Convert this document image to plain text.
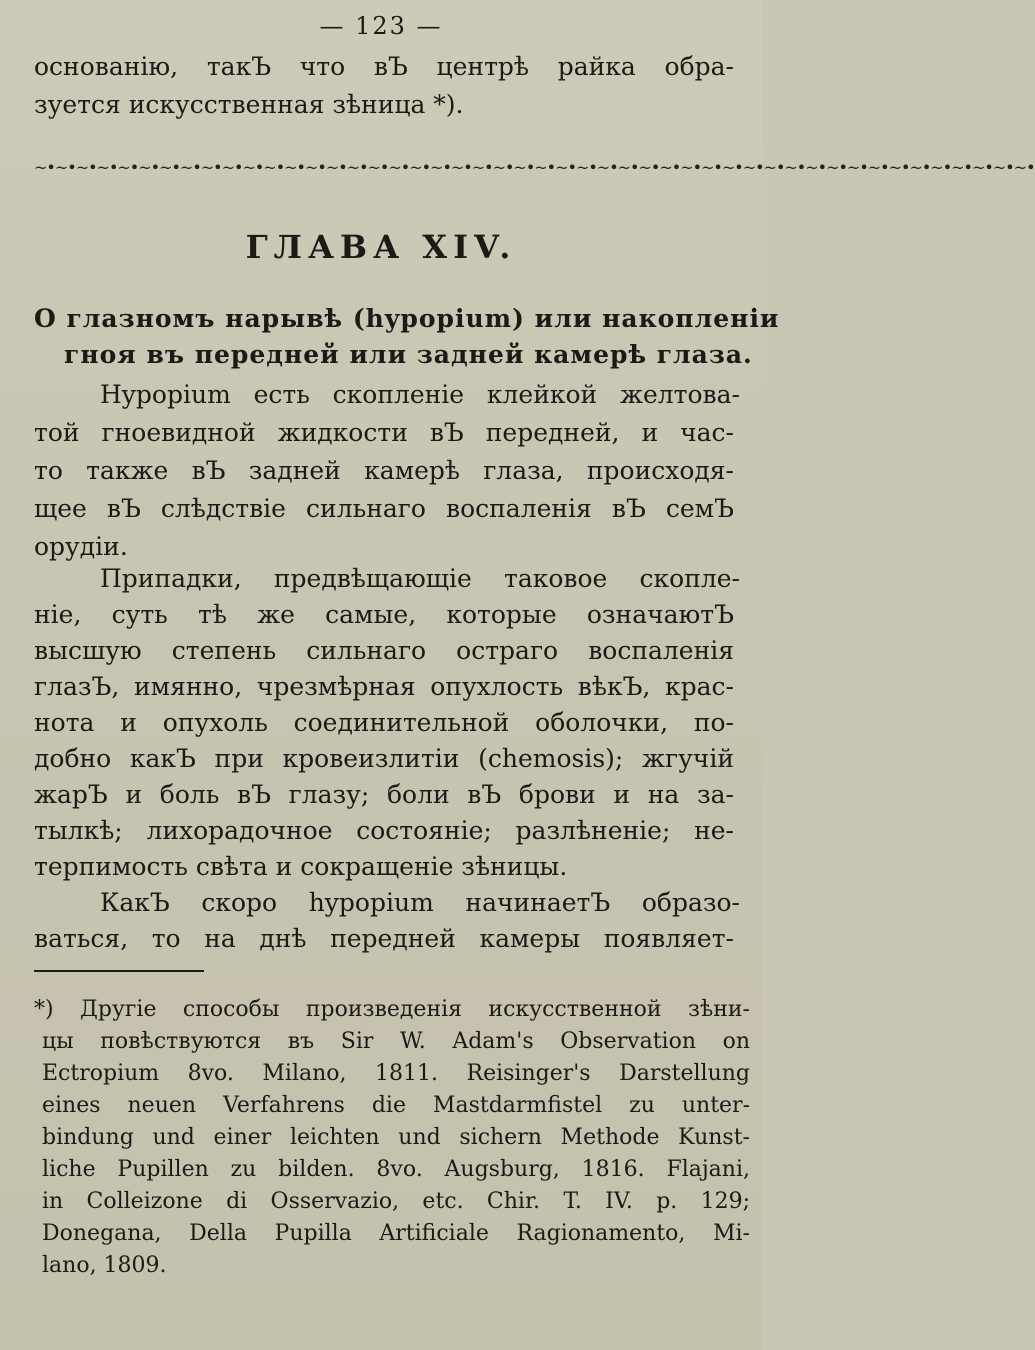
— 123 —
основанію, такЪ что вЪ центрѣ райка обра-
зуется искусственная зѣница *).
~•~•~•~•~•~•~•~•~•~•~•~•~•~•~•~•~•~•~•~•~•~•~•~•~•~•~•~•~•~•~•~•~•~•~•~•~•~•~•~•~•~•~•~•~•~•~•~•
ГЛАВА XIV.
О глазномъ нарывѣ (hypopium) или накопленіи
гноя въ передней или задней камерѣ глаза.
Hypopium есть скопленіе клейкой желтова-
той гноевидной жидкости вЪ передней, и час-
то также вЪ задней камерѣ глаза, происходя-
щее вЪ слѣдствіе сильнаго воспаленія вЪ семЪ
орудіи.
Припадки, предвѣщающіе таковое скопле-
ніе, суть тѣ же самые, которые означаютЪ
высшую степень сильнаго остраго воспаленія
глазЪ, имянно, чрезмѣрная опухлость вѣкЪ, крас-
нота и опухоль соединительной оболочки, по-
добно какЪ при кровеизлитіи (chemosis); жгучій
жарЪ и боль вЪ глазу; боли вЪ брови и на за-
тылкѣ; лихорадочное состояніе; разлѣненіе; не-
терпимость свѣта и сокращеніе зѣницы.
КакЪ скоро hypopium начинаетЪ образо-
ваться, то на днѣ передней камеры появляет-
*) Другіе способы произведенія искусственной зѣни-
цы повѣствуются въ Sir W. Adam's Observation on
Ectropium 8vo. Milano, 1811. Reisinger's Darstellung
eines neuen Verfahrens die Mastdarmfistel zu unter-
bindung und einer leichten und sichern Methode Kunst-
liche Pupillen zu bilden. 8vo. Augsburg, 1816. Flajani,
in Colleizone di Osservazio, etc. Chir. T. IV. p. 129;
Donegana, Della Pupilla Artificiale Ragionamento, Mi-
lano, 1809.
